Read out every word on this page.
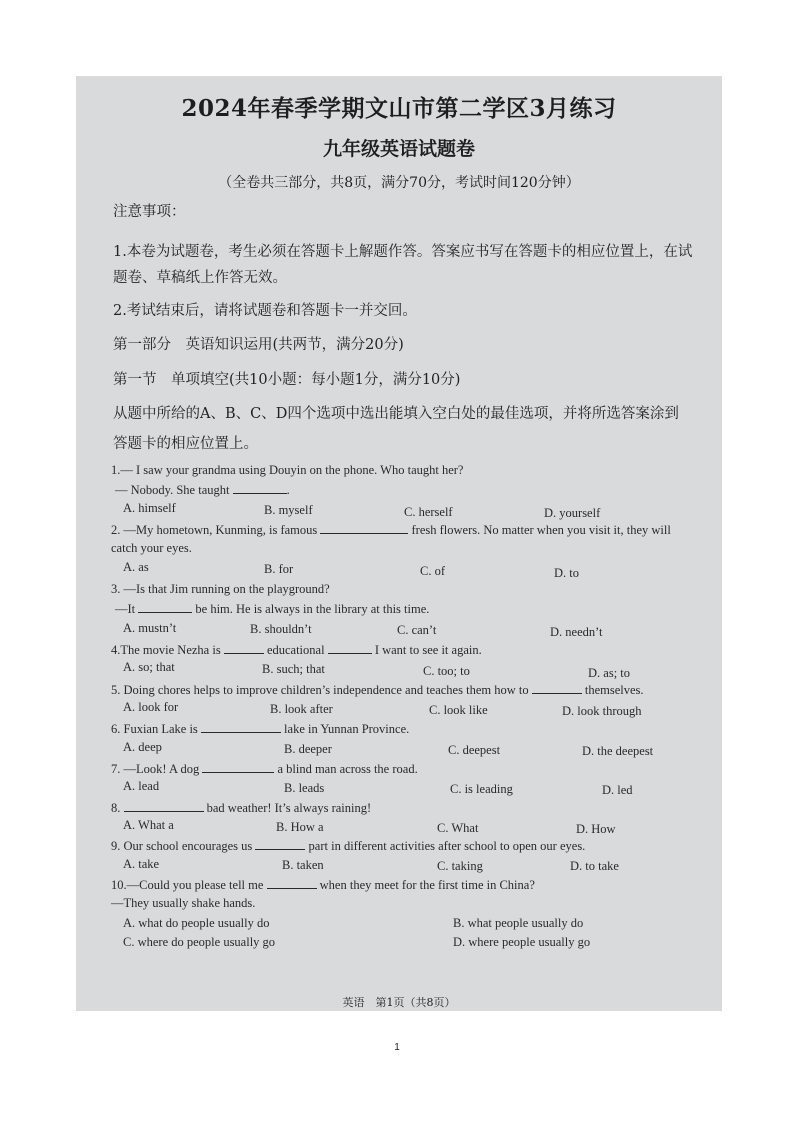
2024年春季学期文山市第二学区3月练习
九年级英语试题卷
（全卷共三部分，共8页，满分70分，考试时间120分钟）
注意事项：
1.本卷为试题卷，考生必须在答题卡上解题作答。答案应书写在答题卡的相应位置上，在试
题卷、草稿纸上作答无效。
2.考试结束后，请将试题卷和答题卡一并交回。
第一部分　英语知识运用(共两节，满分20分)
第一节　单项填空(共10小题：每小题1分，满分10分)
从题中所给的A、B、C、D四个选项中选出能填入空白处的最佳选项，并将所选答案涂到
答题卡的相应位置上。
1.— I saw your grandma using Douyin on the phone. Who taught her?
— Nobody. She taught	.
A. himself	B. myself	C. herself	D. yourself
2. —My hometown, Kunming, is famous	fresh flowers. No matter when you visit it, they will
catch your eyes.
A. as	B. for	C. of	D. to
3. —Is that Jim running on the playground?
—It	be him. He is always in the library at this time.
A. mustn’t	B. shouldn’t	C. can’t	D. needn’t
4.The movie Nezha is	educational	I want to see it again.
A. so; that	B. such; that	C. too; to	D. as; to
5. Doing chores helps to improve children’s independence and teaches them how to	themselves.
A. look for	B. look after	C. look like	D. look through
6. Fuxian Lake is	lake in Yunnan Province.
A. deep	B. deeper	C. deepest	D. the deepest
7. —Look! A dog	a blind man across the road.
A. lead	B. leads	C. is leading	D. led
8.	bad weather! It’s always raining!
A. What a	B. How a	C. What	D. How
9. Our school encourages us	part in different activities after school to open our eyes.
A. take	B. taken	C. taking	D. to take
10.—Could you please tell me	when they meet for the first time in China?
—They usually shake hands.
A. what do people usually do	B. what people usually do
C. where do people usually go	D. where people usually go
英语　第1页（共8页）
1
